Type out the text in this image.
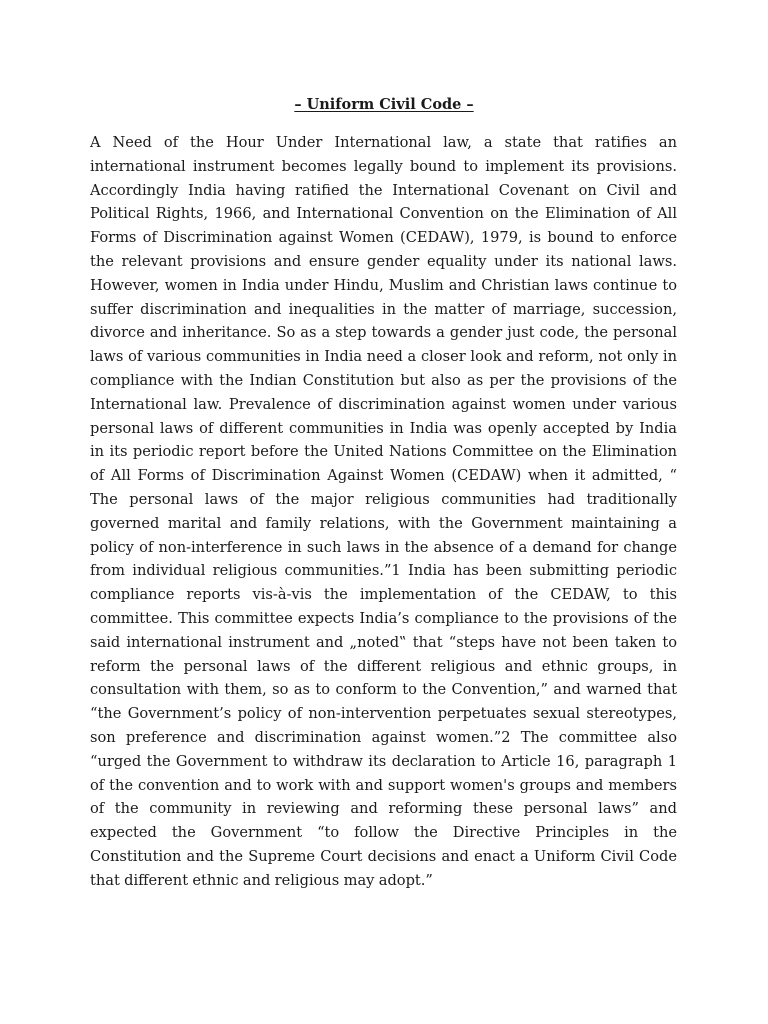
– Uniform Civil Code –

A Need of the Hour Under International law, a state that ratifies an international instrument becomes legally bound to implement its provisions. Accordingly India having ratified the International Covenant on Civil and Political Rights, 1966, and International Convention on the Elimination of All Forms of Discrimination against Women (CEDAW), 1979, is bound to enforce the relevant provisions and ensure gender equality under its national laws. However, women in India under Hindu, Muslim and Christian laws continue to suffer discrimination and inequalities in the matter of marriage, succession, divorce and inheritance. So as a step towards a gender just code, the personal laws of various communities in India need a closer look and reform, not only in compliance with the Indian Constitution but also as per the provisions of the International law. Prevalence of discrimination against women under various personal laws of different communities in India was openly accepted by India in its periodic report before the United Nations Committee on the Elimination of All Forms of Discrimination Against Women (CEDAW) when it admitted, “ The personal laws of the major religious communities had traditionally governed marital and family relations, with the Government maintaining a policy of non-interference in such laws in the absence of a demand for change from individual religious communities.”1 India has been submitting periodic compliance reports vis-à-vis the implementation of the CEDAW, to this committee. This committee expects India’s compliance to the provisions of the said international instrument and „noted‟ that “steps have not been taken to reform the personal laws of the different religious and ethnic groups, in consultation with them, so as to conform to the Convention,” and warned that “the Government’s policy of non-intervention perpetuates sexual stereotypes, son preference and discrimination against women.”2 The committee also “urged the Government to withdraw its declaration to Article 16, paragraph 1 of the convention and to work with and support women's groups and members of the community in reviewing and reforming these personal laws” and expected the Government “to follow the Directive Principles in the Constitution and the Supreme Court decisions and enact a Uniform Civil Code that different ethnic and religious may adopt.”
